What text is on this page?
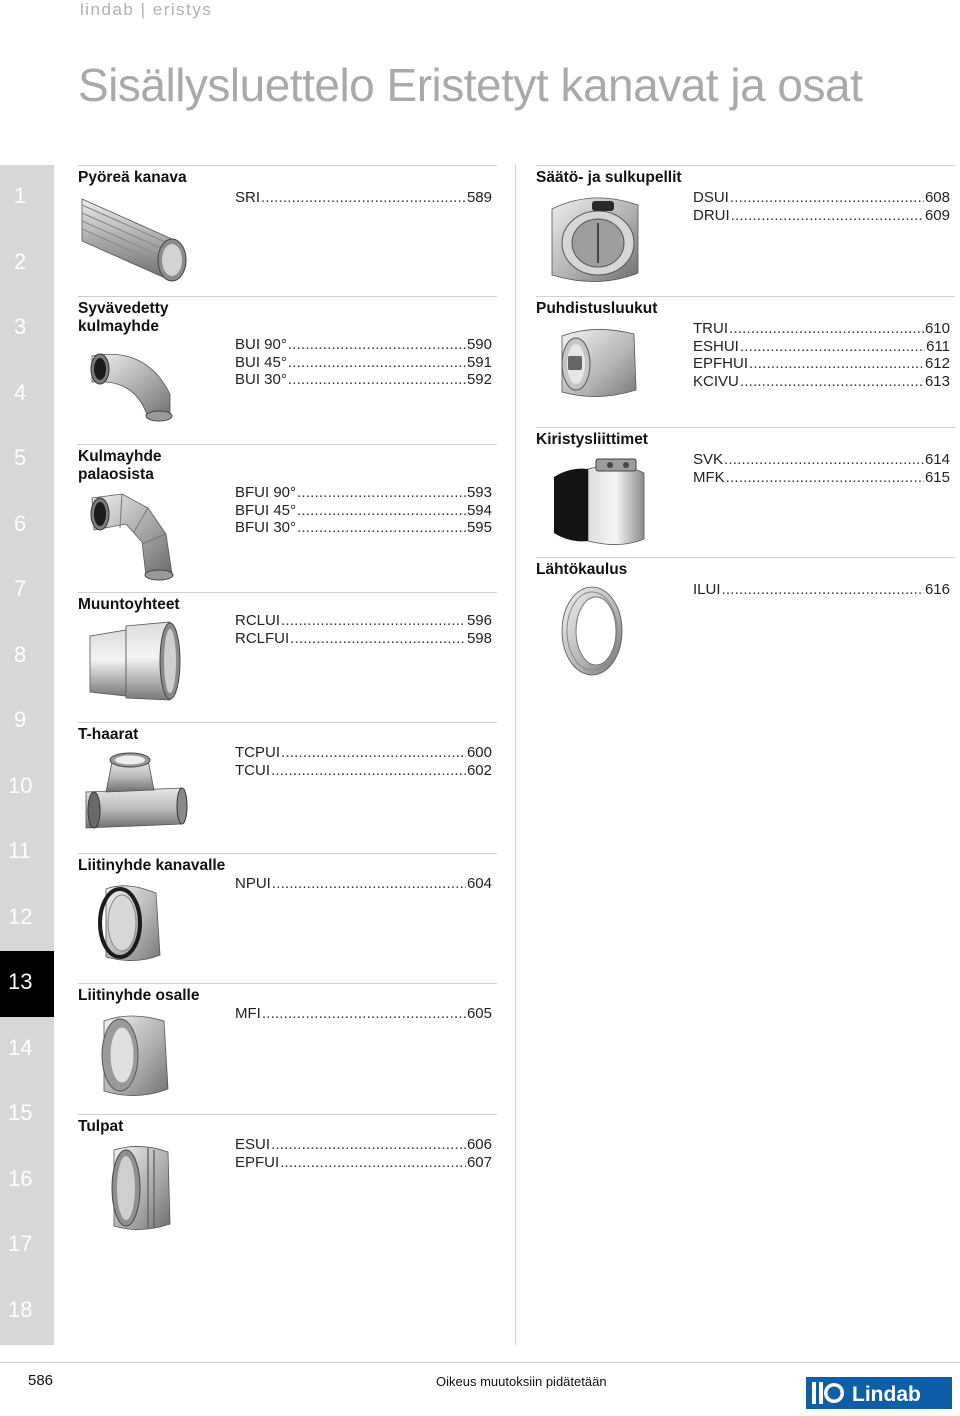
lindab | eristys
Sisällysluettelo Eristetyt kanavat ja osat
1
2
3
4
5
6
7
8
9
10
11
12
13
14
15
16
17
18
Pyöreä kanava
SRI .....	589
Syvävedetty kulmayhde
BUI 90° .....	590
BUI 45° .....	591
BUI 30° .....	592
Kulmayhde palaosista
BFUI 90° .....	593
BFUI 45° .....	594
BFUI 30° .....	595
Muuntoyhteet
RCLUI .....	596
RCLFUI .....	598
T-haarat
TCPUI .....	600
TCUI .....	602
Liitinyhde kanavalle
NPUI .....	604
Liitinyhde osalle
MFI .....	605
Tulpat
ESUI .....	606
EPFUI .....	607
Säätö- ja sulkupellit
DSUI .....	608
DRUI .....	609
Puhdistusluukut
TRUI .....	610
ESHUI .....	611
EPFHUI .....	612
KCIVU .....	613
Kiristysliittimet
SVK .....	614
MFK .....	615
Lähtökaulus
ILUI .....	616
586	Oikeus muutoksiin pidätetään
Lindab
